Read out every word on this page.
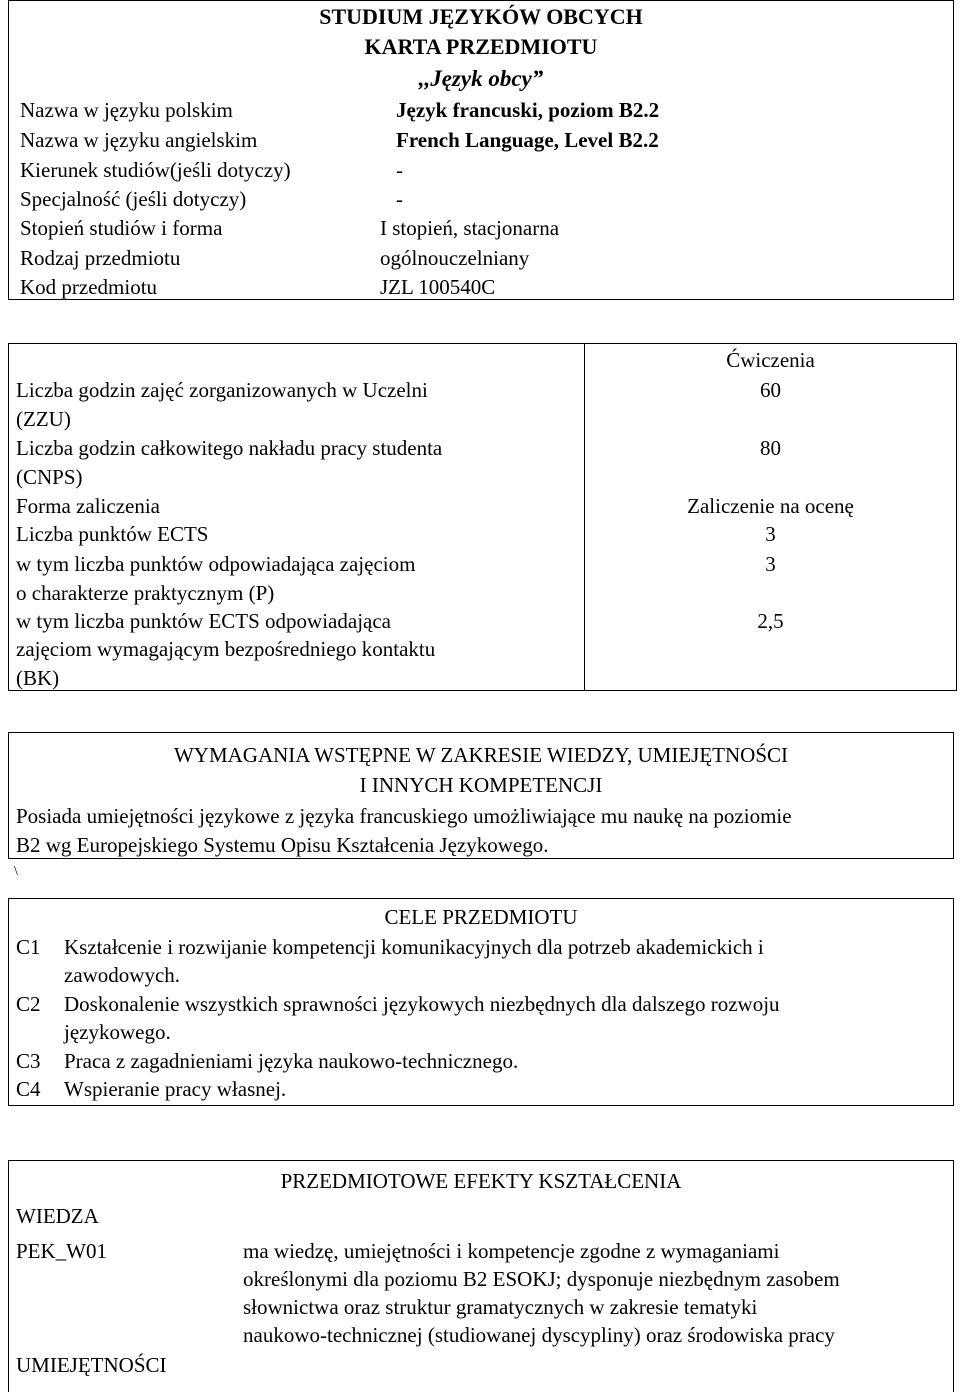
STUDIUM JĘZYKÓW OBCYCH
KARTA PRZEDMIOTU
,,Język obcy”
Nazwa w języku polskim	Język francuski, poziom B2.2
Nazwa w języku angielskim	French Language, Level B2.2
Kierunek studiów(jeśli dotyczy)	-
Specjalność (jeśli dotyczy)	-
Stopień studiów i forma	I stopień, stacjonarna
Rodzaj przedmiotu	ogólnouczelniany
Kod przedmiotu	JZL 100540C
Ćwiczenia
Liczba godzin zajęć zorganizowanych w Uczelni
(ZZU)
60
Liczba godzin całkowitego nakładu pracy studenta
(CNPS)
80
Forma zaliczenia	Zaliczenie na ocenę
Liczba punktów ECTS	3
w tym liczba punktów odpowiadająca zajęciom
o charakterze praktycznym (P)
3
w tym liczba punktów ECTS odpowiadająca
zajęciom wymagającym bezpośredniego kontaktu
(BK)
2,5
WYMAGANIA WSTĘPNE W ZAKRESIE WIEDZY, UMIEJĘTNOŚCI
I INNYCH KOMPETENCJI
Posiada umiejętności językowe z języka francuskiego umożliwiające mu naukę na poziomie
B2 wg Europejskiego Systemu Opisu Kształcenia Językowego.
\
CELE PRZEDMIOTU
C1 Kształcenie i rozwijanie kompetencji komunikacyjnych dla potrzeb akademickich i
zawodowych.
C2 Doskonalenie wszystkich sprawności językowych niezbędnych dla dalszego rozwoju
językowego.
C3 Praca z zagadnieniami języka naukowo-technicznego.
C4 Wspieranie pracy własnej.
PRZEDMIOTOWE EFEKTY KSZTAŁCENIA
WIEDZA
PEK_W01	ma wiedzę, umiejętności i kompetencje zgodne z wymaganiami
określonymi dla poziomu B2 ESOKJ; dysponuje niezbędnym zasobem
słownictwa oraz struktur gramatycznych w zakresie tematyki
naukowo-technicznej (studiowanej dyscypliny) oraz środowiska pracy
UMIEJĘTNOŚCI
